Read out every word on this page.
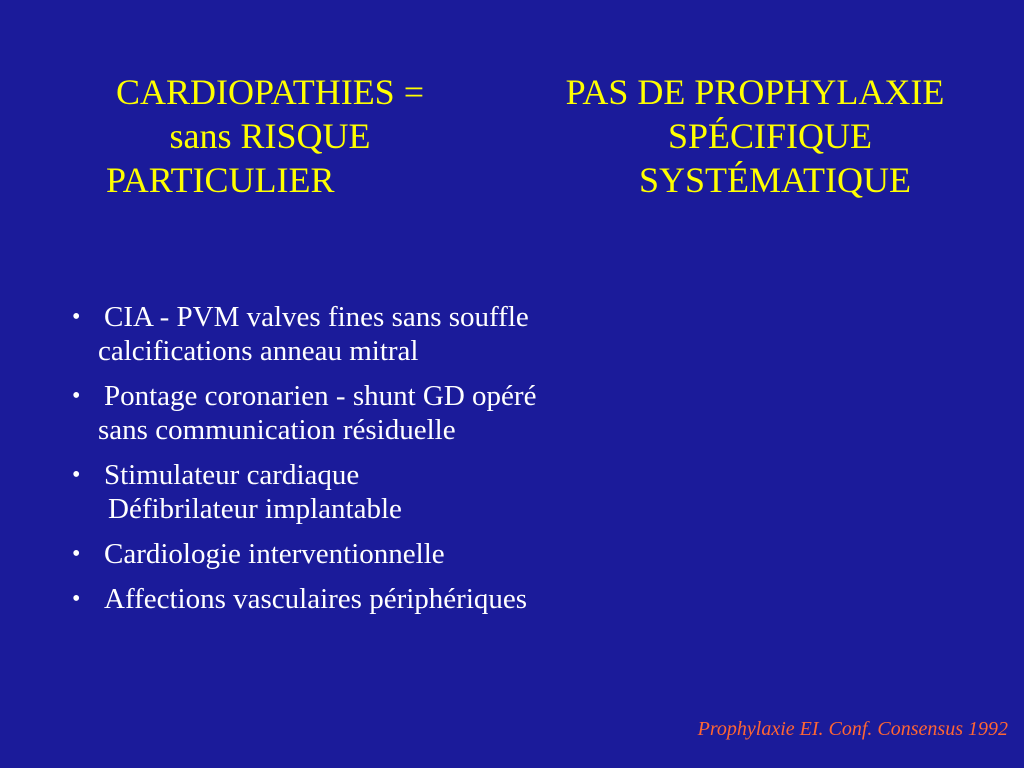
CARDIOPATHIES =
sans RISQUE
PARTICULIER
PAS DE PROPHYLAXIE
SPÉCIFIQUE
SYSTÉMATIQUE
• CIA - PVM valves fines sans souffle
calcifications anneau mitral
• Pontage coronarien - shunt GD opéré
sans communication résiduelle
• Stimulateur cardiaque
Défibrilateur implantable
• Cardiologie interventionnelle
• Affections vasculaires périphériques
Prophylaxie EI. Conf. Consensus 1992
